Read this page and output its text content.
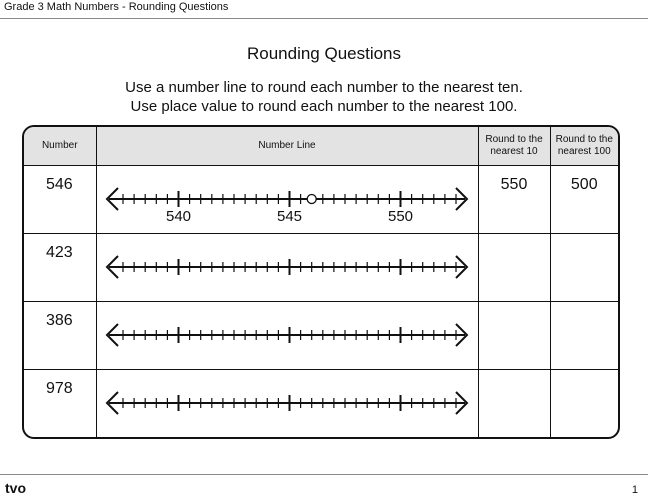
Grade 3 Math Numbers - Rounding Questions
Rounding Questions
Use a number line to round each number to the nearest ten.
Use place value to round each number to the nearest 100.
Number	Number Line	Round to the nearest 10	Round to the nearest 100
546	540 545 550	550	500
423	

386	

978	

tvo	1
